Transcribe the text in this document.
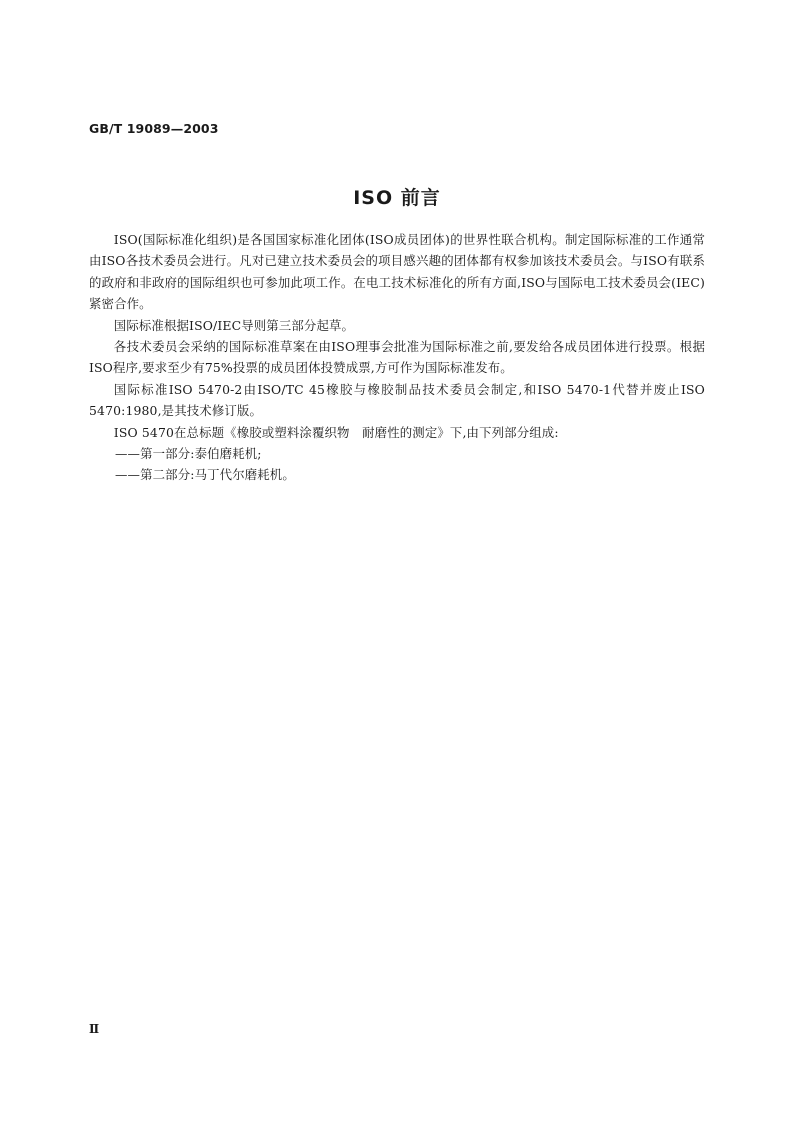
GB/T 19089—2003
ISO 前言

ISO(国际标准化组织)是各国国家标准化团体(ISO成员团体)的世界性联合机构。制定国际标准的工作通常由ISO各技术委员会进行。凡对已建立技术委员会的项目感兴趣的团体都有权参加该技术委员会。与ISO有联系的政府和非政府的国际组织也可参加此项工作。在电工技术标准化的所有方面,ISO与国际电工技术委员会(IEC)紧密合作。

国际标准根据ISO/IEC导则第三部分起草。

各技术委员会采纳的国际标准草案在由ISO理事会批准为国际标准之前,要发给各成员团体进行投票。根据ISO程序,要求至少有75%投票的成员团体投赞成票,方可作为国际标准发布。

国际标准ISO 5470-2由ISO/TC 45橡胶与橡胶制品技术委员会制定,和ISO 5470-1代替并废止ISO 5470:1980,是其技术修订版。

ISO 5470在总标题《橡胶或塑料涂覆织物　耐磨性的测定》下,由下列部分组成:

——第一部分:泰伯磨耗机;

——第二部分:马丁代尔磨耗机。

Ⅱ
